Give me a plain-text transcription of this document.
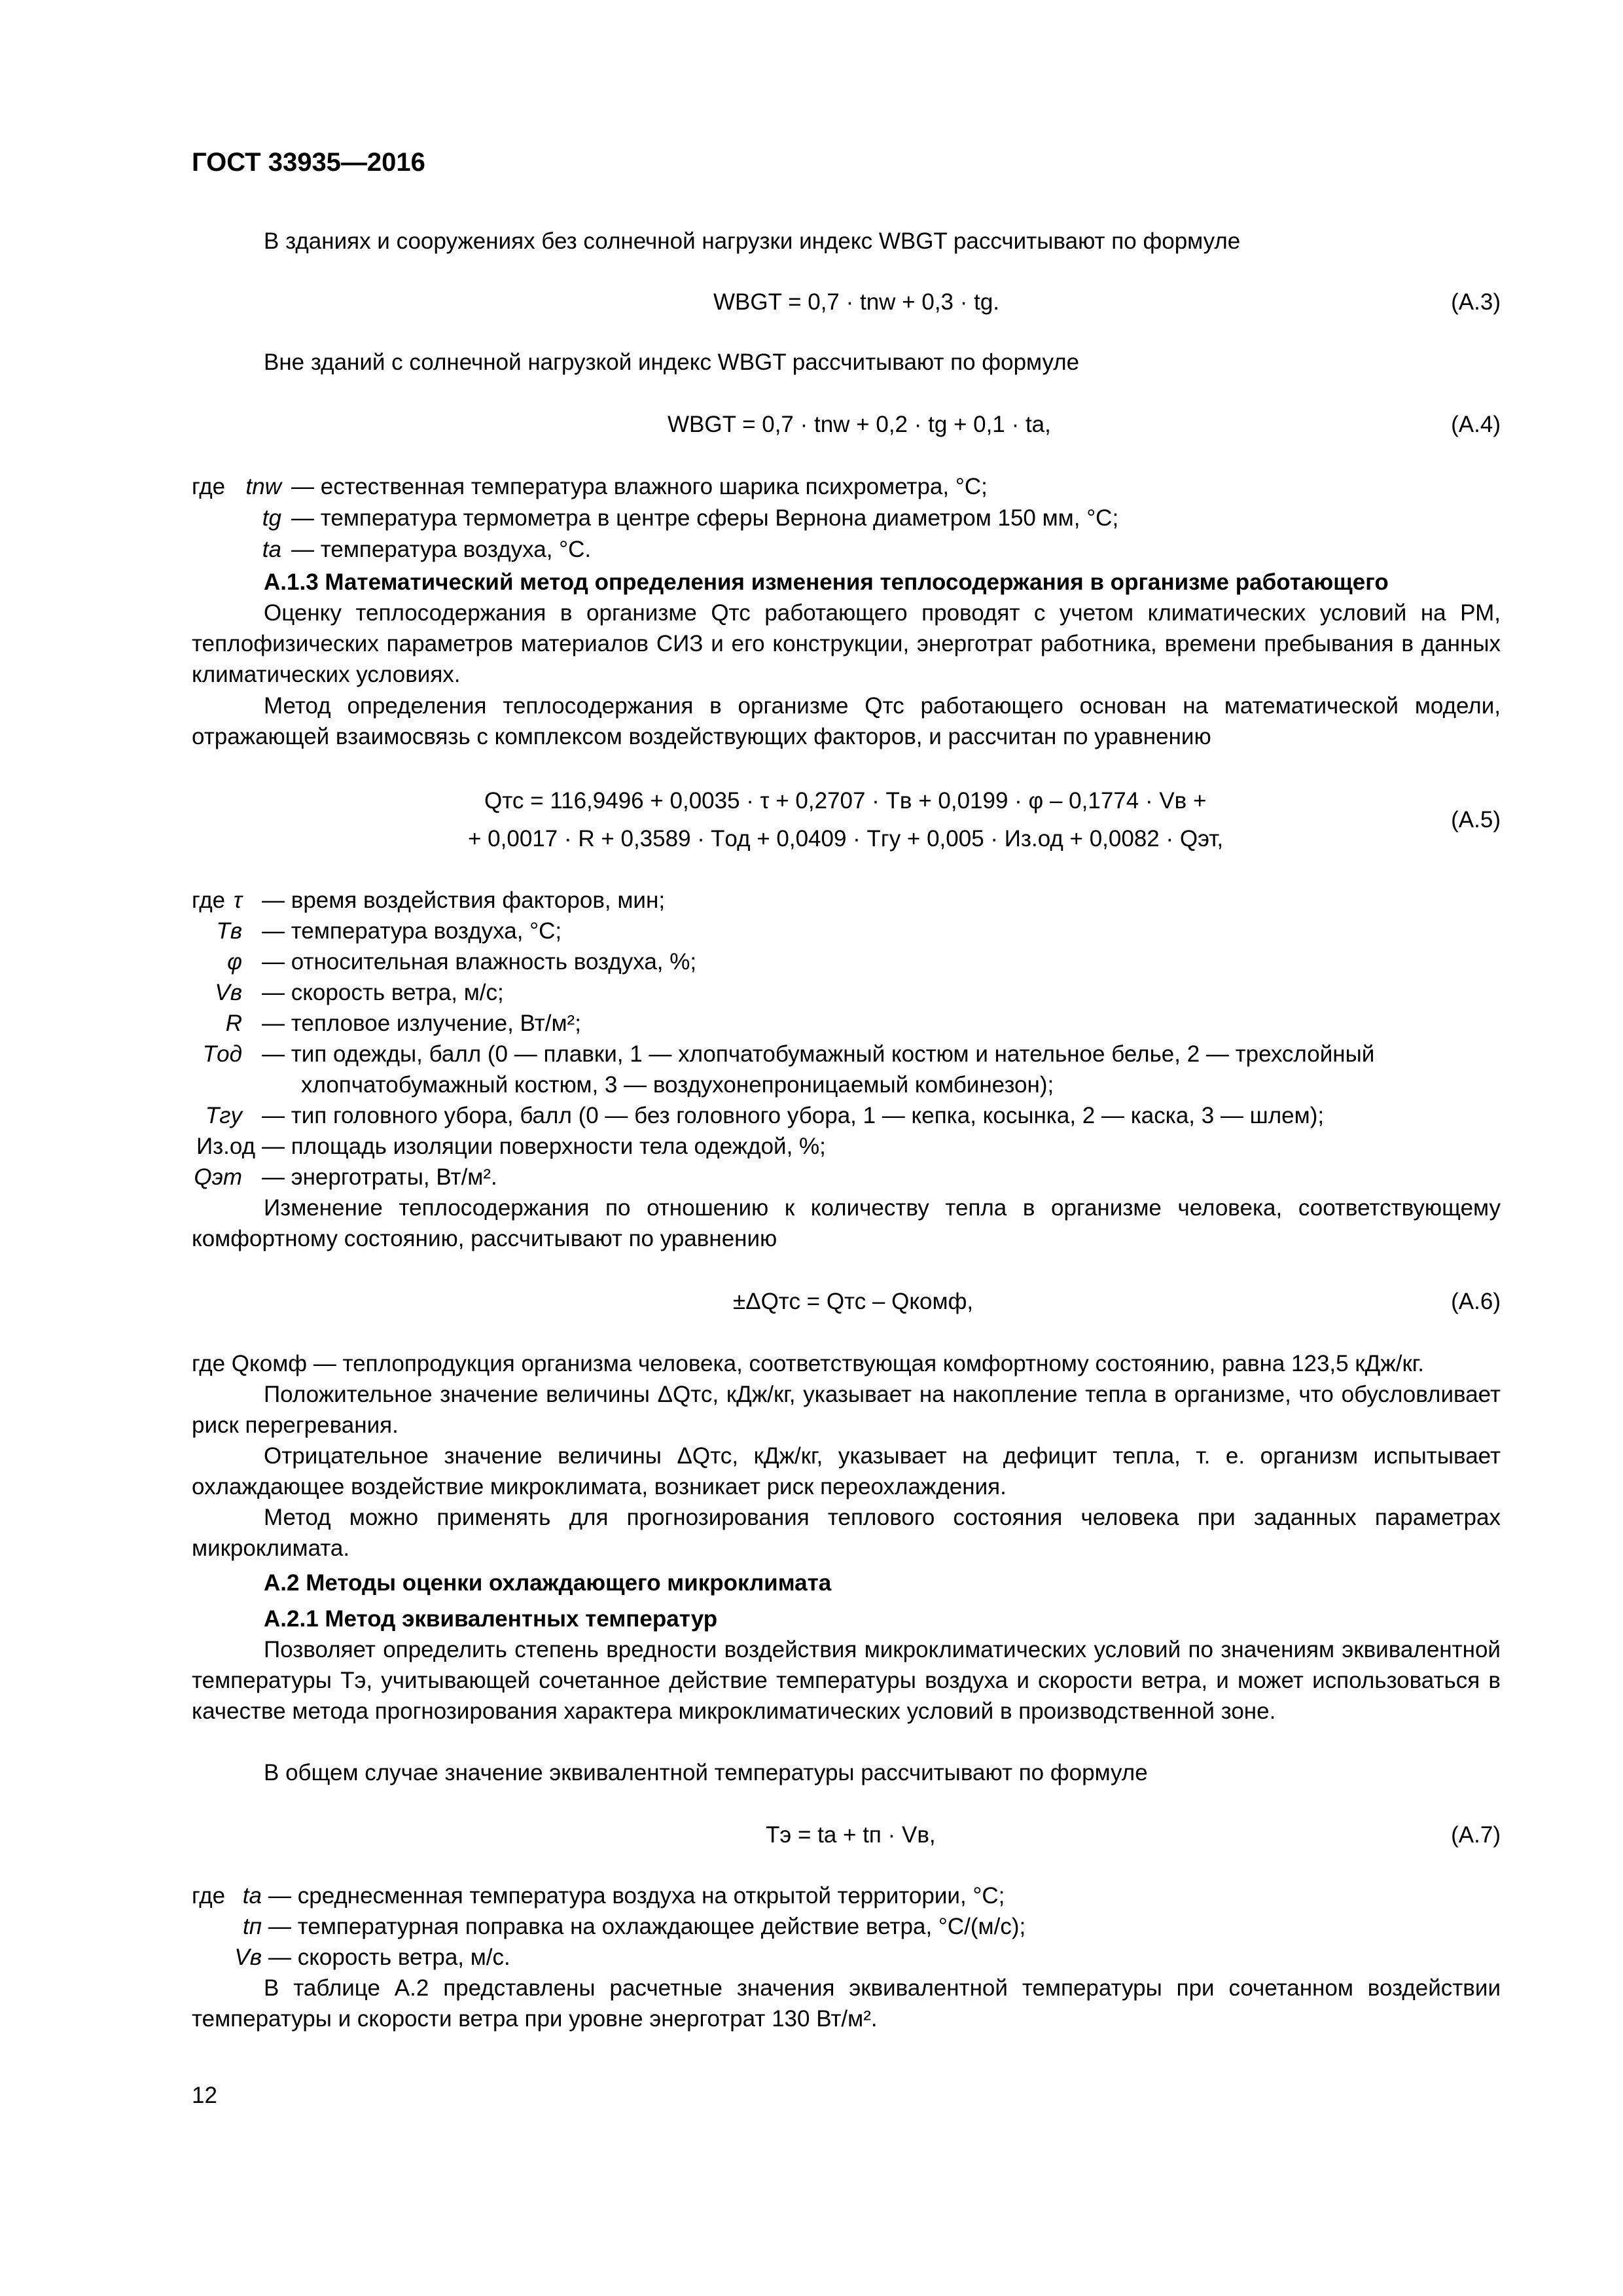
ГОСТ 33935—2016

В зданиях и сооружениях без солнечной нагрузки индекс WBGT рассчитывают по формуле

WBGT = 0,7 · tnw + 0,3 · tg.	(А.3)

Вне зданий с солнечной нагрузкой индекс WBGT рассчитывают по формуле

WBGT = 0,7 · tnw + 0,2 · tg + 0,1 · ta,	(А.4)
где tnw — естественная температура влажного шарика психрометра, °С;
tg — температура термометра в центре сферы Вернона диаметром 150 мм, °С;
ta — температура воздуха, °С.
А.1.3 Математический метод определения изменения теплосодержания в организме работающего

Оценку теплосодержания в организме Qтс работающего проводят с учетом климатических условий на РМ, теплофизических параметров материалов СИЗ и его конструкции, энерготрат работника, времени пребывания в данных климатических условиях.

Метод определения теплосодержания в организме Qтс работающего основан на математической модели, отражающей взаимосвязь с комплексом воздействующих факторов, и рассчитан по уравнению

Qтс = 116,9496 + 0,0035 · τ + 0,2707 · Tв + 0,0199 · φ – 0,1774 · Vв +
+ 0,0017 · R + 0,3589 · Tод + 0,0409 · Tгу + 0,005 · Из.од + 0,0082 · Qэт,
(А.5)
где τ — время воздействия факторов, мин;
Tв — температура воздуха, °С;
φ — относительная влажность воздуха, %;
Vв — скорость ветра, м/с;
R — тепловое излучение, Вт/м²;
Tод — тип одежды, балл (0 — плавки, 1 — хлопчатобумажный костюм и нательное белье, 2 — трехслойный
хлопчатобумажный костюм, 3 — воздухонепроницаемый комбинезон);
Tгу — тип головного убора, балл (0 — без головного убора, 1 — кепка, косынка, 2 — каска, 3 — шлем);
Из.од — площадь изоляции поверхности тела одеждой, %;
Qэт — энерготраты, Вт/м².

Изменение теплосодержания по отношению к количеству тепла в организме человека, соответствующему комфортному состоянию, рассчитывают по уравнению

±ΔQтс = Qтс – Qкомф,	(А.6)

где Qкомф — теплопродукция организма человека, соответствующая комфортному состоянию, равна 123,5 кДж/кг.

Положительное значение величины ΔQтс, кДж/кг, указывает на накопление тепла в организме, что обусловливает риск перегревания.

Отрицательное значение величины ΔQтс, кДж/кг, указывает на дефицит тепла, т. е. организм испытывает охлаждающее воздействие микроклимата, возникает риск переохлаждения.

Метод можно применять для прогнозирования теплового состояния человека при заданных параметрах микроклимата.

А.2 Методы оценки охлаждающего микроклимата
А.2.1 Метод эквивалентных температур

Позволяет определить степень вредности воздействия микроклиматических условий по значениям эквивалентной температуры Тэ, учитывающей сочетанное действие температуры воздуха и скорости ветра, и может использоваться в качестве метода прогнозирования характера микроклиматических условий в производственной зоне.

В общем случае значение эквивалентной температуры рассчитывают по формуле

Тэ = ta + tп · Vв,	(А.7)
где ta — среднесменная температура воздуха на открытой территории, °С;
tп — температурная поправка на охлаждающее действие ветра, °С/(м/с);
Vв — скорость ветра, м/с.

В таблице А.2 представлены расчетные значения эквивалентной температуры при сочетанном воздействии температуры и скорости ветра при уровне энерготрат 130 Вт/м².

12
